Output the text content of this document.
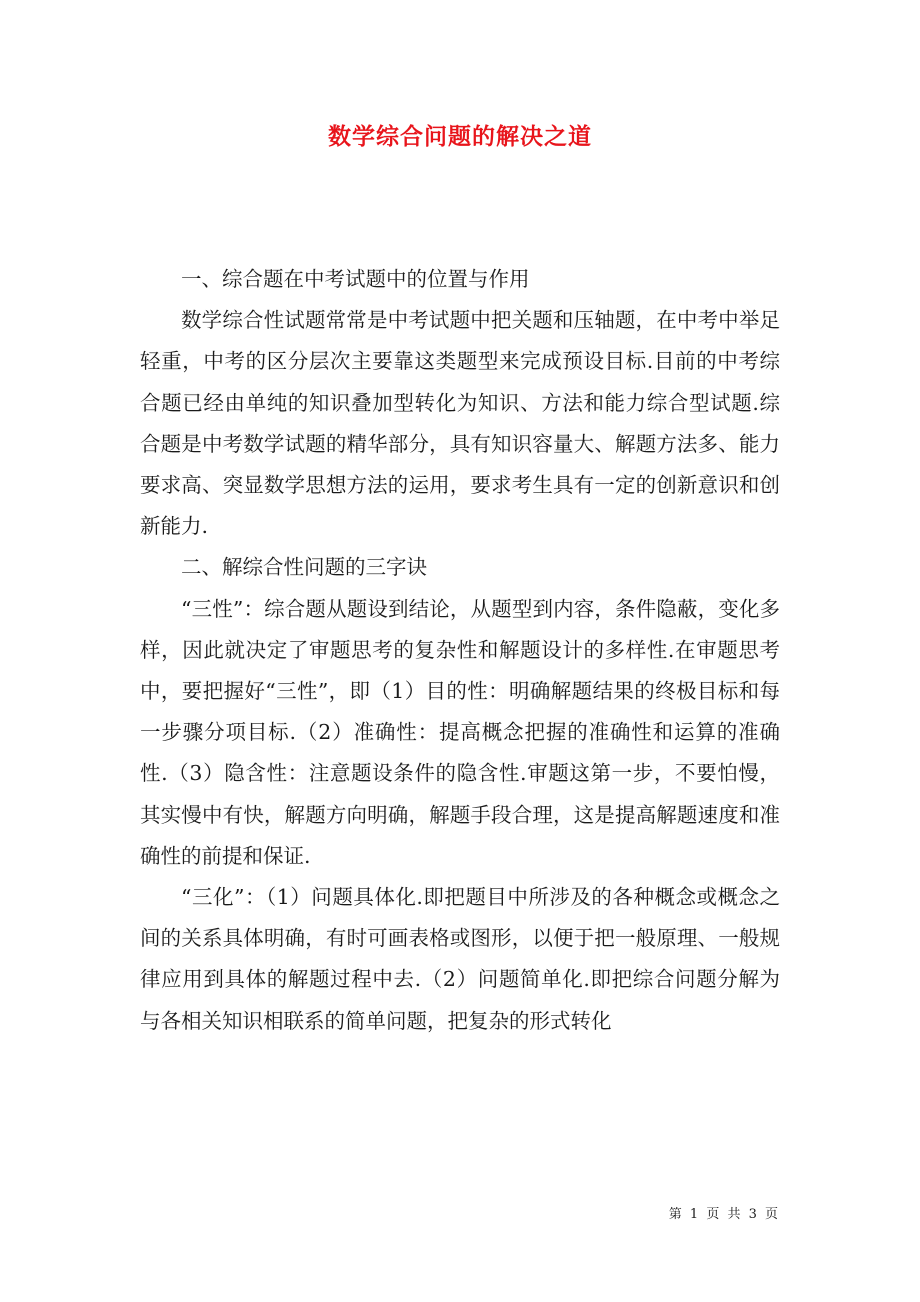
数学综合问题的解决之道

一、综合题在中考试题中的位置与作用

数学综合性试题常常是中考试题中把关题和压轴题，在中考中举足轻重，中考的区分层次主要靠这类题型来完成预设目标.目前的中考综合题已经由单纯的知识叠加型转化为知识、方法和能力综合型试题.综合题是中考数学试题的精华部分，具有知识容量大、解题方法多、能力要求高、突显数学思想方法的运用，要求考生具有一定的创新意识和创新能力.

二、解综合性问题的三字诀

“三性”：综合题从题设到结论，从题型到内容，条件隐蔽，变化多样，因此就决定了审题思考的复杂性和解题设计的多样性.在审题思考中，要把握好“三性”，即（1）目的性：明确解题结果的终极目标和每一步骤分项目标.（2）准确性：提高概念把握的准确性和运算的准确性.（3）隐含性：注意题设条件的隐含性.审题这第一步，不要怕慢，其实慢中有快，解题方向明确，解题手段合理，这是提高解题速度和准确性的前提和保证.

“三化”：（1）问题具体化.即把题目中所涉及的各种概念或概念之间的关系具体明确，有时可画表格或图形，以便于把一般原理、一般规律应用到具体的解题过程中去.（2）问题简单化.即把综合问题分解为与各相关知识相联系的简单问题，把复杂的形式转化

第 1 页 共 3 页
